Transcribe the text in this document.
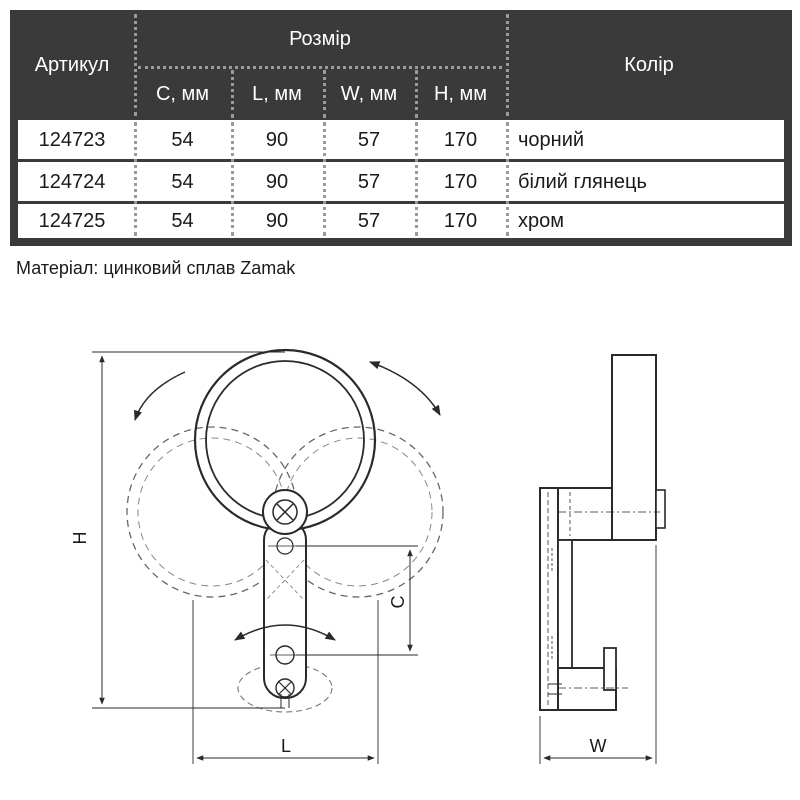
Артикул
Розмір
C, мм	L, мм	W, мм	H, мм
Колір
124723	54	90	57	170	чорний
124724	54	90	57	170	білий глянець
124725	54	90	57	170	хром
Матеріал: цинковий сплав Zamak
H
C
L	W
